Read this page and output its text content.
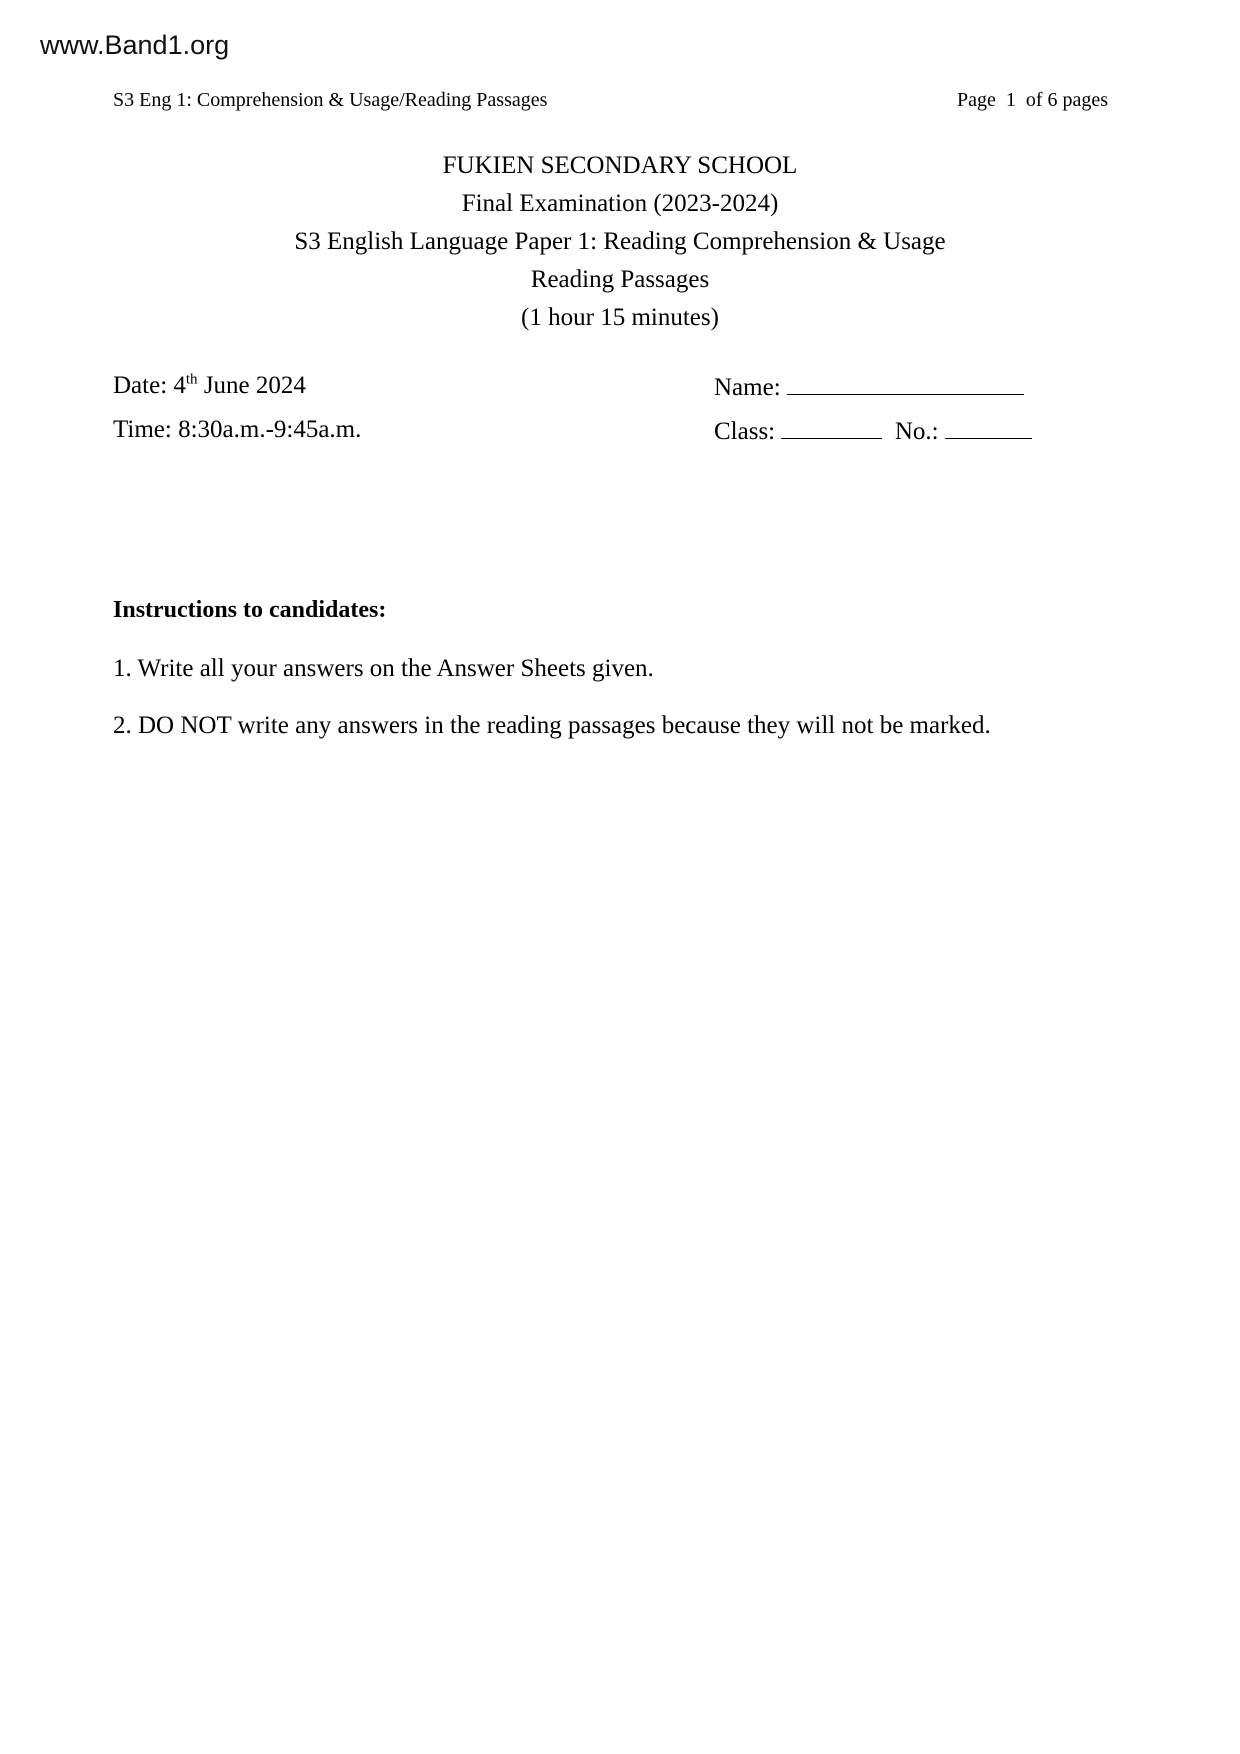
www.Band1.org
S3 Eng 1: Comprehension & Usage/Reading Passages	Page  1  of 6 pages
FUKIEN SECONDARY SCHOOL
Final Examination (2023-2024)
S3 English Language Paper 1: Reading Comprehension & Usage
Reading Passages
(1 hour 15 minutes)
Date: 4th June 2024
Time: 8:30a.m.-9:45a.m.
Name:
Class:	No.:
Instructions to candidates:
1. Write all your answers on the Answer Sheets given.
2. DO NOT write any answers in the reading passages because they will not be marked.
